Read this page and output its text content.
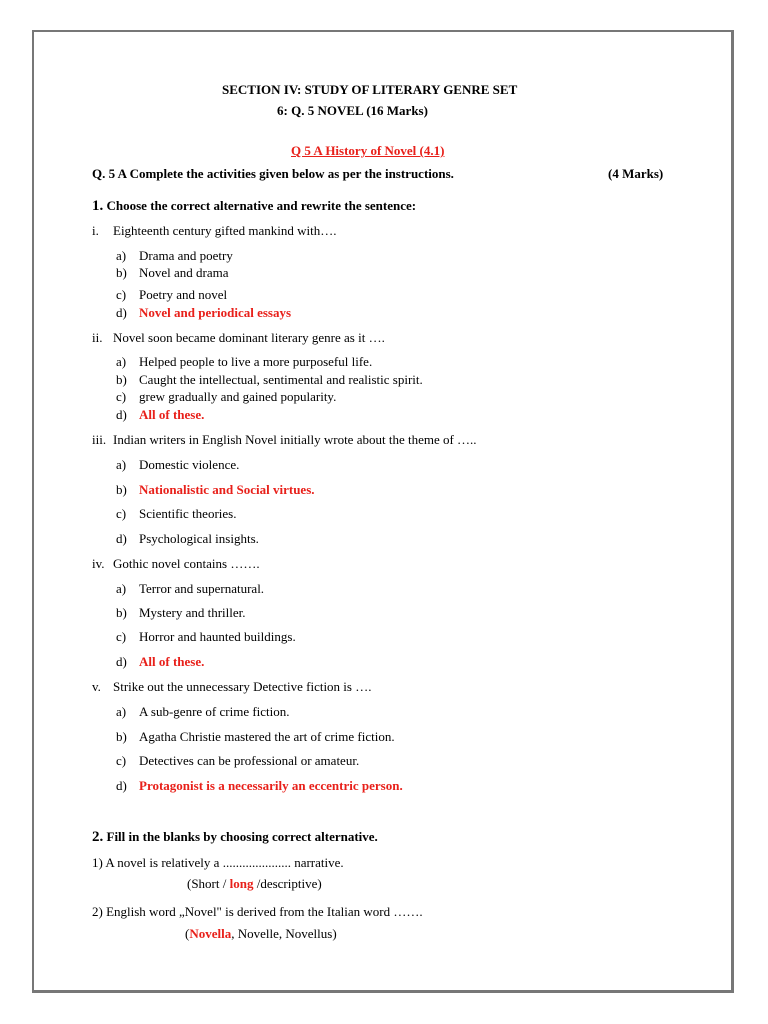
SECTION IV: STUDY OF LITERARY GENRE SET
6: Q. 5 NOVEL (16 Marks)
Q 5 A History of Novel (4.1)
Q. 5 A Complete the activities given below as per the instructions.	(4 Marks)
1. Choose the correct alternative and rewrite the sentence:
i. Eighteenth century gifted mankind with….
a) Drama and poetry
b) Novel and drama
c) Poetry and novel
d) Novel and periodical essays
ii. Novel soon became dominant literary genre as it ….
a) Helped people to live a more purposeful life.
b) Caught the intellectual, sentimental and realistic spirit.
c) grew gradually and gained popularity.
d) All of these.
iii. Indian writers in English Novel initially wrote about the theme of …..
a) Domestic violence.
b) Nationalistic and Social virtues.
c) Scientific theories.
d) Psychological insights.
iv. Gothic novel contains …….
a) Terror and supernatural.
b) Mystery and thriller.
c) Horror and haunted buildings.
d) All of these.
v. Strike out the unnecessary Detective fiction is ….
a) A sub-genre of crime fiction.
b) Agatha Christie mastered the art of crime fiction.
c) Detectives can be professional or amateur.
d) Protagonist is a necessarily an eccentric person.
2. Fill in the blanks by choosing correct alternative.
1) A novel is relatively a ..................... narrative.
(Short / long /descriptive)
2) English word „Novel" is derived from the Italian word …….
(Novella, Novelle, Novellus)
